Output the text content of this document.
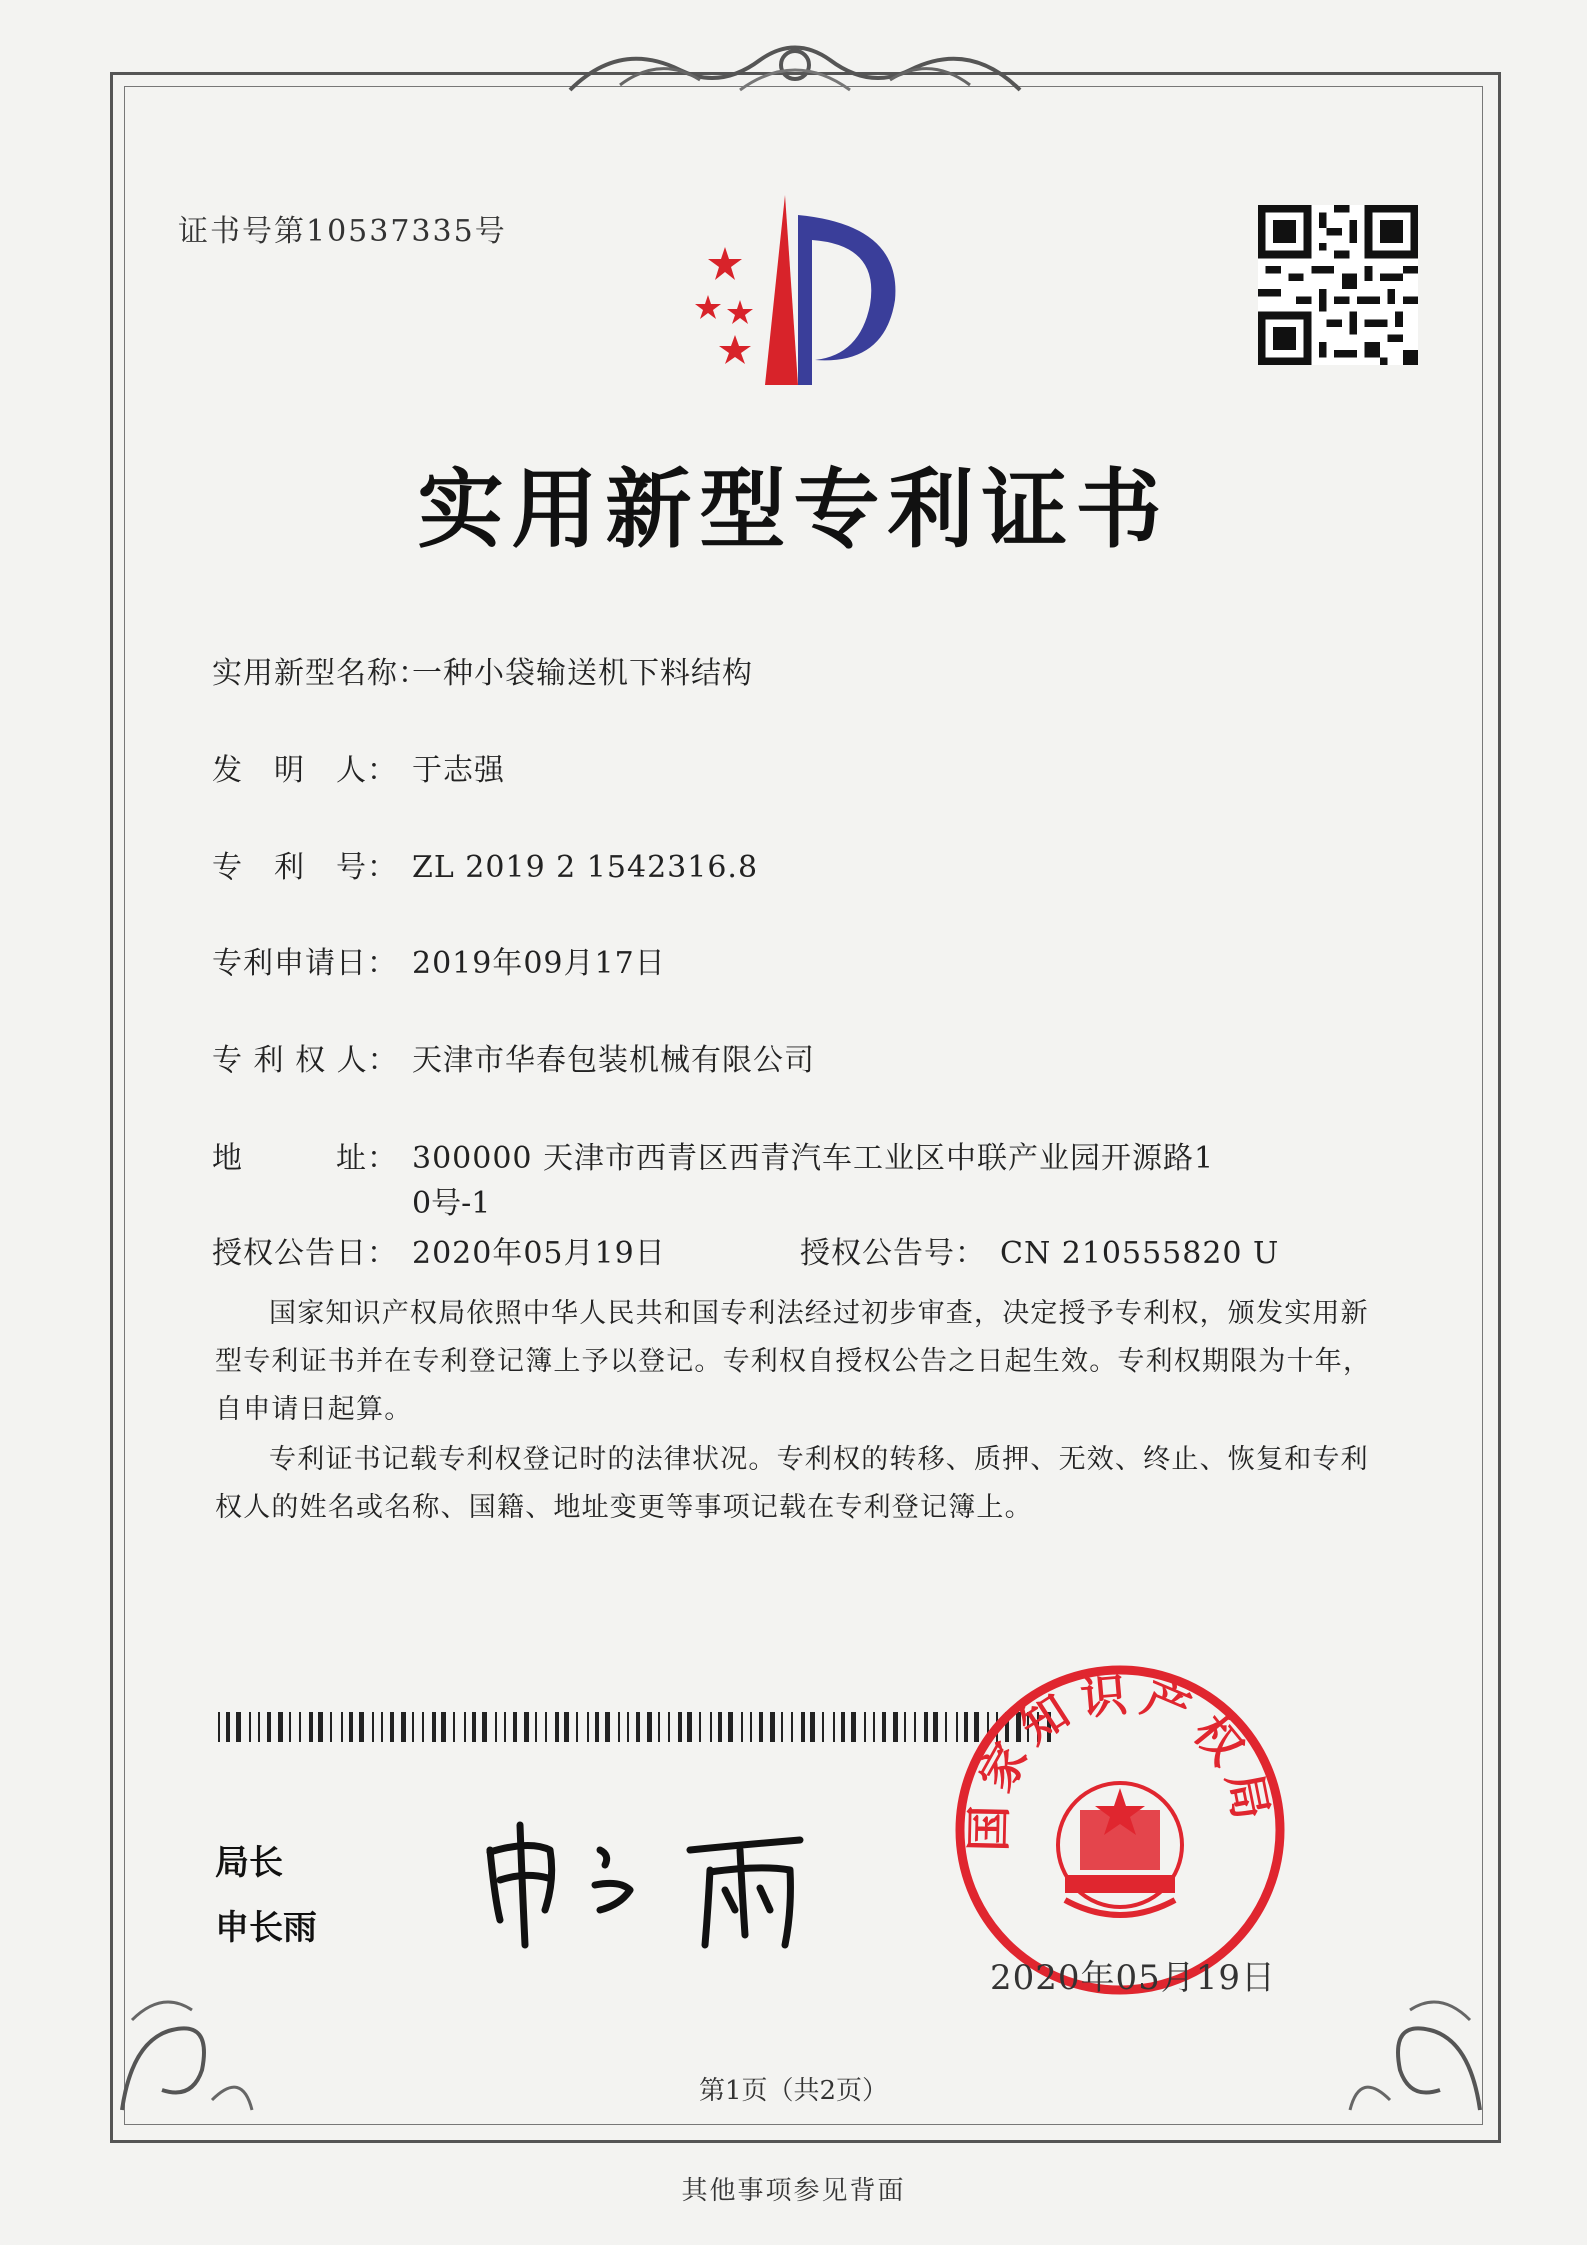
证书号第10537335号
实用新型专利证书
实用新型名称：一种小袋输送机下料结构
发　明　人： 于志强
专　利　号： ZL 2019 2 1542316.8
专利申请日： 2019年09月17日
专 利 权 人： 天津市华春包装机械有限公司
地　　　址： 300000 天津市西青区西青汽车工业区中联产业园开源路1
0号-1
授权公告日： 2020年05月19日	授权公告号： CN 210555820 U
国家知识产权局依照中华人民共和国专利法经过初步审查，决定授予专利权，颁发实用新型专利证书并在专利登记簿上予以登记。专利权自授权公告之日起生效。专利权期限为十年，自申请日起算。
专利证书记载专利权登记时的法律状况。专利权的转移、质押、无效、终止、恢复和专利权人的姓名或名称、国籍、地址变更等事项记载在专利登记簿上。
局长
申长雨
国家知识产权局
2020年05月19日
第1页（共2页）
其他事项参见背面
